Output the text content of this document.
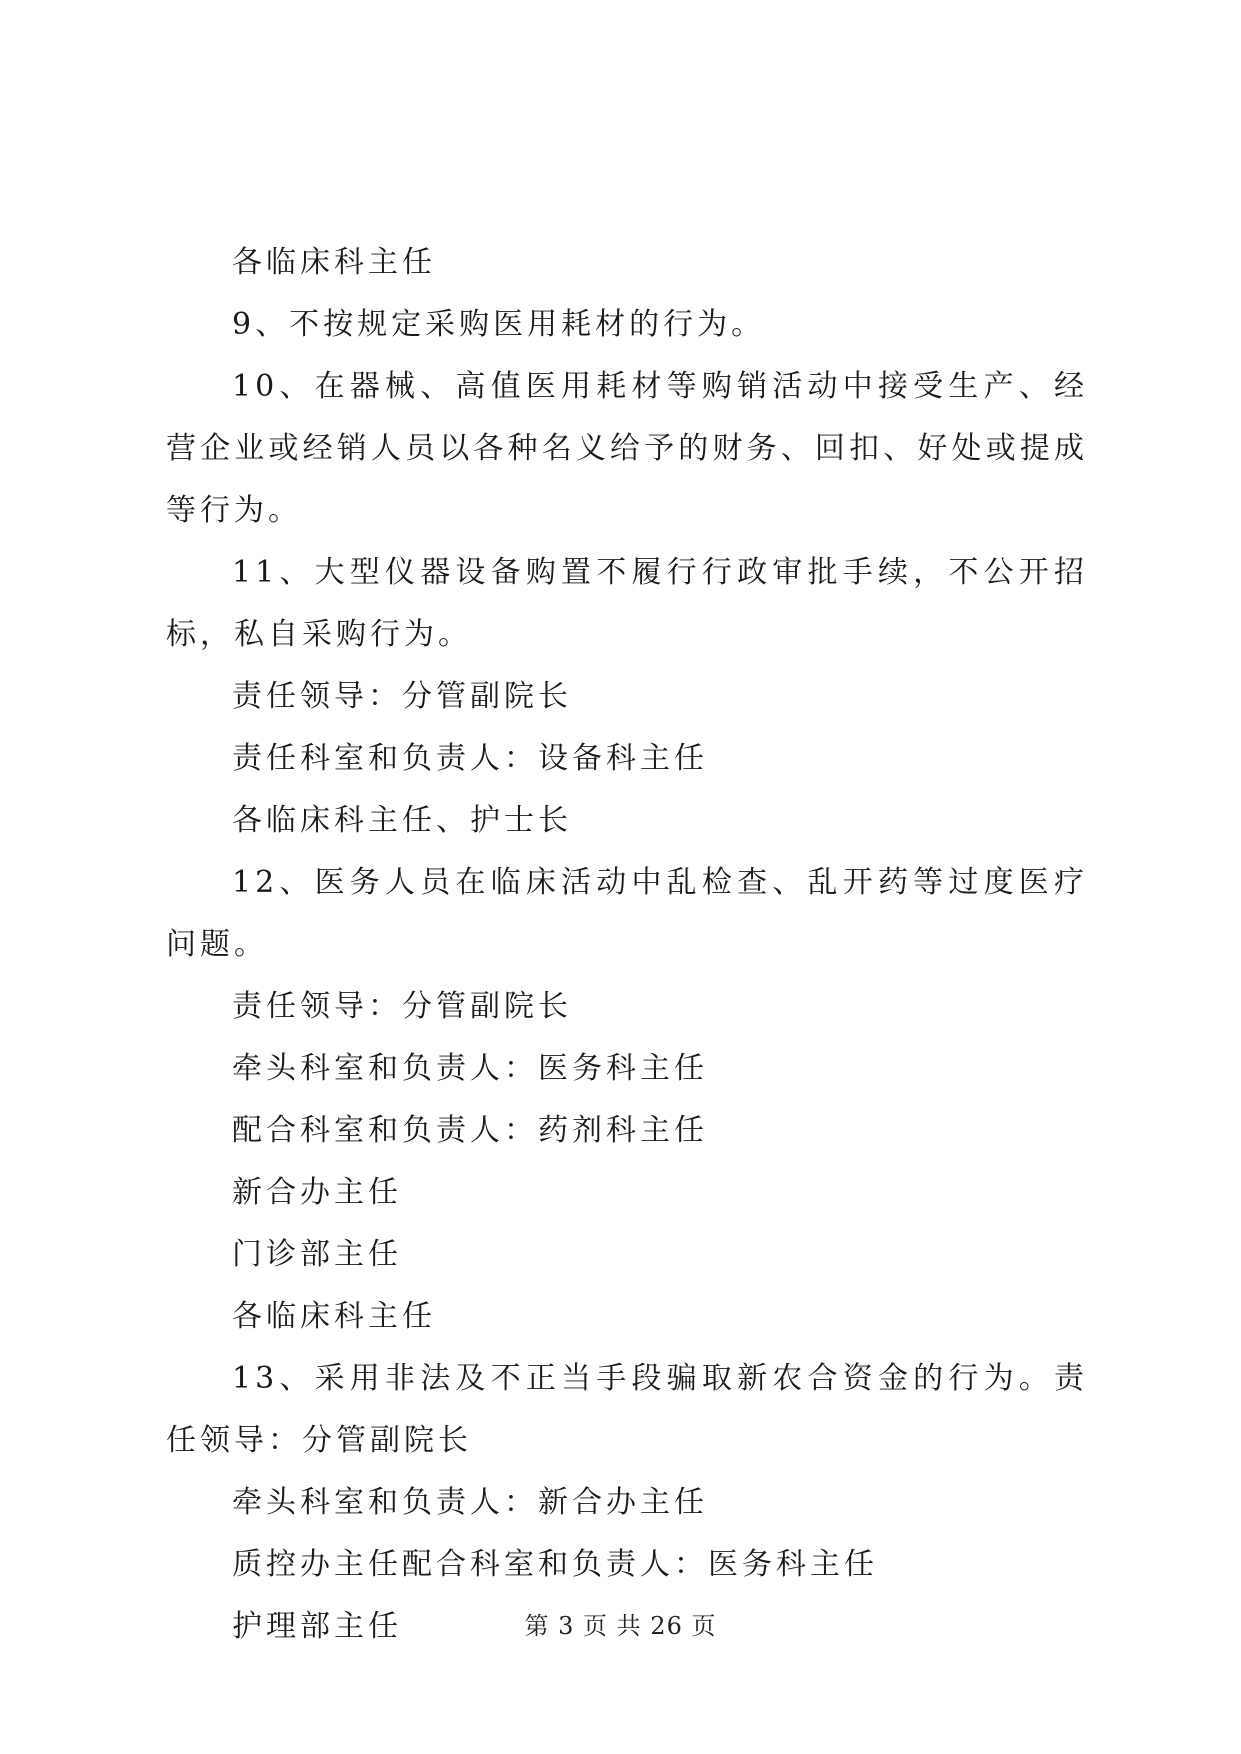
各临床科主任

9、不按规定采购医用耗材的行为。

10、在器械、高值医用耗材等购销活动中接受生产、经营企业或经销人员以各种名义给予的财务、回扣、好处或提成等行为。

11、大型仪器设备购置不履行行政审批手续，不公开招标，私自采购行为。

责任领导：分管副院长

责任科室和负责人：设备科主任

各临床科主任、护士长

12、医务人员在临床活动中乱检查、乱开药等过度医疗问题。

责任领导：分管副院长

牵头科室和负责人：医务科主任

配合科室和负责人：药剂科主任

新合办主任

门诊部主任

各临床科主任

13、采用非法及不正当手段骗取新农合资金的行为。责任领导：分管副院长

牵头科室和负责人：新合办主任

质控办主任配合科室和负责人：医务科主任

护理部主任	第 3 页 共 26 页
